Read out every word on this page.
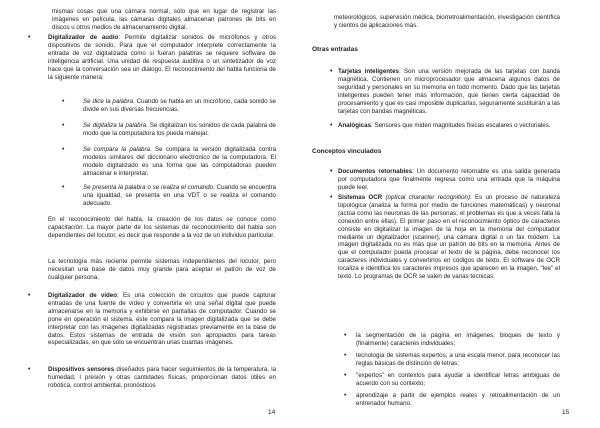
mismas cosas que una cámara normal, sólo que en lugar de registrar las imágenes en película, las cámaras digitales almacenan patrones de bits en discos u otros medios de almacenamiento digital.

•	Digitalizador de audio: Permite digitalizar sonidos de micrófonos y otros dispositivos de sonido. Para que el computador interprete correctamente la entrada de voz digitalizada como si fueran palabras se requiere software de inteligencia artificial. Una unidad de respuesta auditiva o un sintetizador de voz hace que la conversación sea un diálogo. El reconocimiento del habla funciona de la siguiente manera:

•	Se dice la palabra. Cuando se habla en un micrófono, cada sonido se divide en sus diversas frecuencias.

•	Se digitaliza la palabra. Se digitalizan los sonidos de cada palabra de modo que la computadora los pueda manejar.

•	Se compara la palabra. Se compara la versión digitalizada contra modelos similares del diccionario electrónico de la computadora. El modelo digitalizado es una forma que las computadoras pueden almacenar e interpretar.

•	Se presenta la palabra o se realiza el comando. Cuando se encuentra una igualdad, se presenta en una VDT o se realiza el comando adecuado.

En el reconocimiento del habla, la creación de los datos se conoce como capacitación. La mayor parte de los sistemas de reconocimiento del habla son dependientes del locutor, es decir que responde a la voz de un individuo particular.

La tecnología más reciente permite sistemas independientes del locutor, pero necesitan una base de datos muy grande para aceptar el patrón de voz de cualquier persona.

•	Digitalizador de video: Es una colección de circuitos que puede capturar entradas de una fuente de vídeo y convertirla en una señal digital que puede almacenarse en la memoria y exhibirse en pantallas de computador. Cuando se pone en operación el sistema, éste compara la imagen digitalizada que se debe interpretar con las imágenes digitalizadas registradas previamente en la base de datos. Estos sistemas de entrada de visión son apropiados para tareas especializadas, en que sólo se encuentran unas cuantas imágenes.

•	Dispositivos sensores diseñados para hacer seguimientos de la temperatura, la humedad, l presión y otras cantidades físicas, proporcionan datos útiles en robótica, control ambiental, pronósticos

14

meteorológicos, supervisión médica, biorretroalimentación, investigación científica y cientos de aplicaciones más.

Otras entradas

• Tarjetas inteligentes: Son una versión mejorada de las tarjetas con banda magnética. Contienen un microprocesador que almacena algunos datos de seguridad y personales en su memoria en todo momento. Dado que las tarjetas inteligentes pueden tener más información, que tienen cierta capacidad de procesamiento y que es casi imposible duplicarlas, seguramente sustituirán a las tarjetas con bandas magnéticas.

• Analógicas: Sensores que miden magnitudes físicas escalares o vectoriales.

Conceptos vinculados

• Documentos retornables: Un documento retornable es una salida generada por computadora que finalmente regresa como una entrada que la máquina puede leer.

• Sistemas OCR (optical character recognition): Es un proceso de naturaleza topológica (analiza la forma por medio de funciones matemáticas) y neuronal (actúa como las neuronas de las personas; el problemas es que a veces falla la conexión entre ellas). El primer paso en el reconocimiento óptico de caracteres consiste en digitalizar la imagen de la hoja en la memoria del computador mediante un digitalizador (scanner), una cámara digital o un fax módem. La imagen digitalizada no es más que un patrón de bits en la memoria. Antes de que el computador pueda procesar el texto de la página, debe reconocer los caracteres individuales y convertirlos en códigos de texto. El software de OCR localiza e identifica los caracteres impresos que aparecen en la imagen, "lee" el texto. Lo programas de OCR se valen de varias técnicas:

• la segmentación de la página en imágenes, bloques de texto y (finalmente) caracteres individuales;

• tecnología de sistemas expertos, a una escala menor, para reconocer las reglas básicas de distinción de letras;

• "expertos" en contextos para ayudar a identificar letras ambiguas de acuerdo con su contexto;

• aprendizaje a partir de ejemplos reales y retroalimentación de un entrenador humano.

15
